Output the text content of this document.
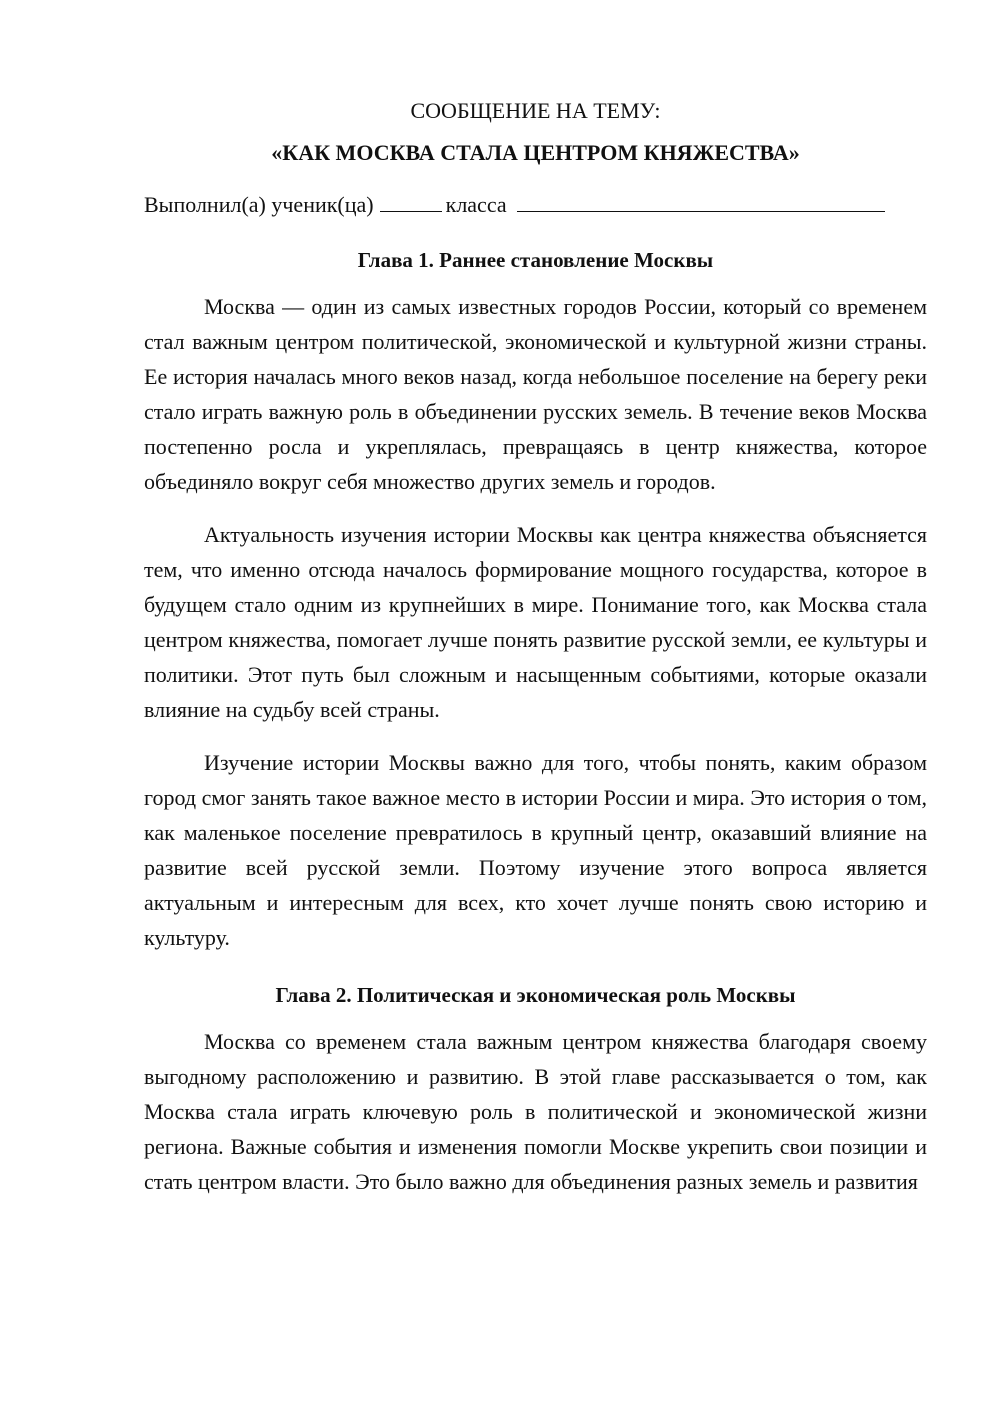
СООБЩЕНИЕ НА ТЕМУ:

«КАК МОСКВА СТАЛА ЦЕНТРОМ КНЯЖЕСТВА»

Выполнил(а) ученик(ца)	класса

Глава 1. Раннее становление Москвы

Москва — один из самых известных городов России, который со временем стал важным центром политической, экономической и культурной жизни страны. Ее история началась много веков назад, когда небольшое поселение на берегу реки стало играть важную роль в объединении русских земель. В течение веков Москва постепенно росла и укреплялась, превращаясь в центр княжества, которое объединяло вокруг себя множество других земель и городов.

Актуальность изучения истории Москвы как центра княжества объясняется тем, что именно отсюда началось формирование мощного государства, которое в будущем стало одним из крупнейших в мире. Понимание того, как Москва стала центром княжества, помогает лучше понять развитие русской земли, ее культуры и политики. Этот путь был сложным и насыщенным событиями, которые оказали влияние на судьбу всей страны.

Изучение истории Москвы важно для того, чтобы понять, каким образом город смог занять такое важное место в истории России и мира. Это история о том, как маленькое поселение превратилось в крупный центр, оказавший влияние на развитие всей русской земли. Поэтому изучение этого вопроса является актуальным и интересным для всех, кто хочет лучше понять свою историю и культуру.

Глава 2. Политическая и экономическая роль Москвы

Москва со временем стала важным центром княжества благодаря своему выгодному расположению и развитию. В этой главе рассказывается о том, как Москва стала играть ключевую роль в политической и экономической жизни региона. Важные события и изменения помогли Москве укрепить свои позиции и стать центром власти. Это было важно для объединения разных земель и развития
